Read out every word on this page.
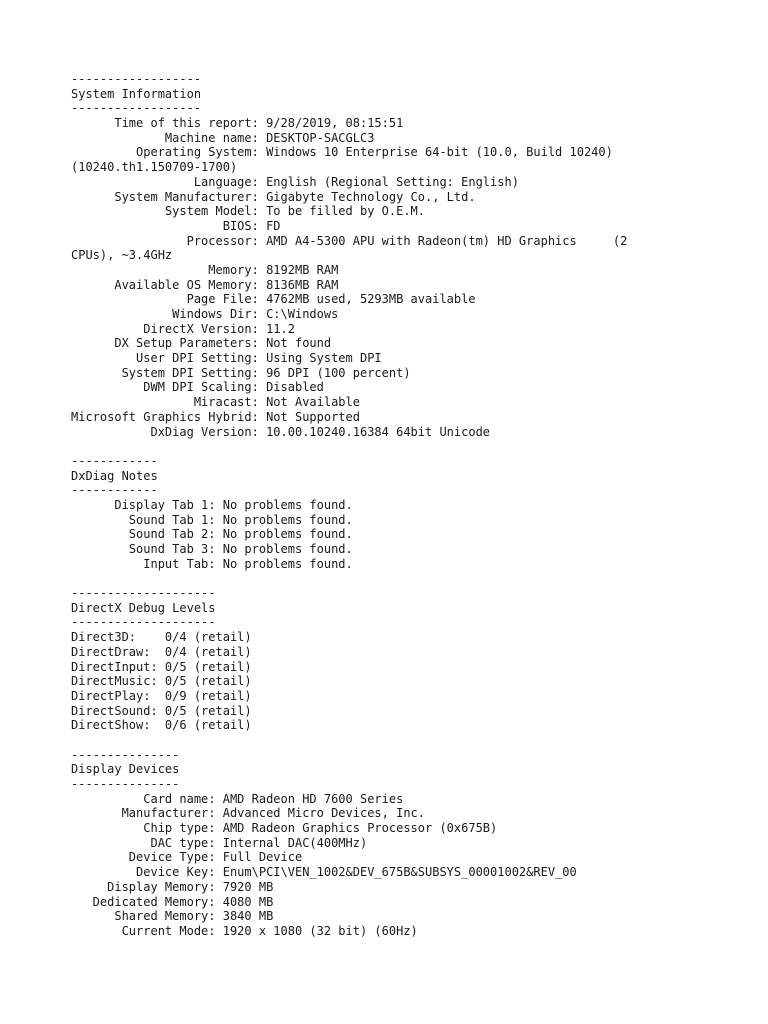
------------------
System Information
------------------
Time of this report: 9/28/2019, 08:15:51
Machine name: DESKTOP-SACGLC3
Operating System: Windows 10 Enterprise 64-bit (10.0, Build 10240)
(10240.th1.150709-1700)
Language: English (Regional Setting: English)
System Manufacturer: Gigabyte Technology Co., Ltd.
System Model: To be filled by O.E.M.
BIOS: FD
Processor: AMD A4-5300 APU with Radeon(tm) HD Graphics     (2
CPUs), ~3.4GHz
Memory: 8192MB RAM
Available OS Memory: 8136MB RAM
Page File: 4762MB used, 5293MB available
Windows Dir: C:\Windows
DirectX Version: 11.2
DX Setup Parameters: Not found
User DPI Setting: Using System DPI
System DPI Setting: 96 DPI (100 percent)
DWM DPI Scaling: Disabled
Miracast: Not Available
Microsoft Graphics Hybrid: Not Supported
DxDiag Version: 10.00.10240.16384 64bit Unicode

------------
DxDiag Notes
------------
Display Tab 1: No problems found.
Sound Tab 1: No problems found.
Sound Tab 2: No problems found.
Sound Tab 3: No problems found.
Input Tab: No problems found.

--------------------
DirectX Debug Levels
--------------------
Direct3D:    0/4 (retail)
DirectDraw:  0/4 (retail)
DirectInput: 0/5 (retail)
DirectMusic: 0/5 (retail)
DirectPlay:  0/9 (retail)
DirectSound: 0/5 (retail)
DirectShow:  0/6 (retail)

---------------
Display Devices
---------------
Card name: AMD Radeon HD 7600 Series
Manufacturer: Advanced Micro Devices, Inc.
Chip type: AMD Radeon Graphics Processor (0x675B)
DAC type: Internal DAC(400MHz)
Device Type: Full Device
Device Key: Enum\PCI\VEN_1002&DEV_675B&SUBSYS_00001002&REV_00
Display Memory: 7920 MB
Dedicated Memory: 4080 MB
Shared Memory: 3840 MB
Current Mode: 1920 x 1080 (32 bit) (60Hz)
